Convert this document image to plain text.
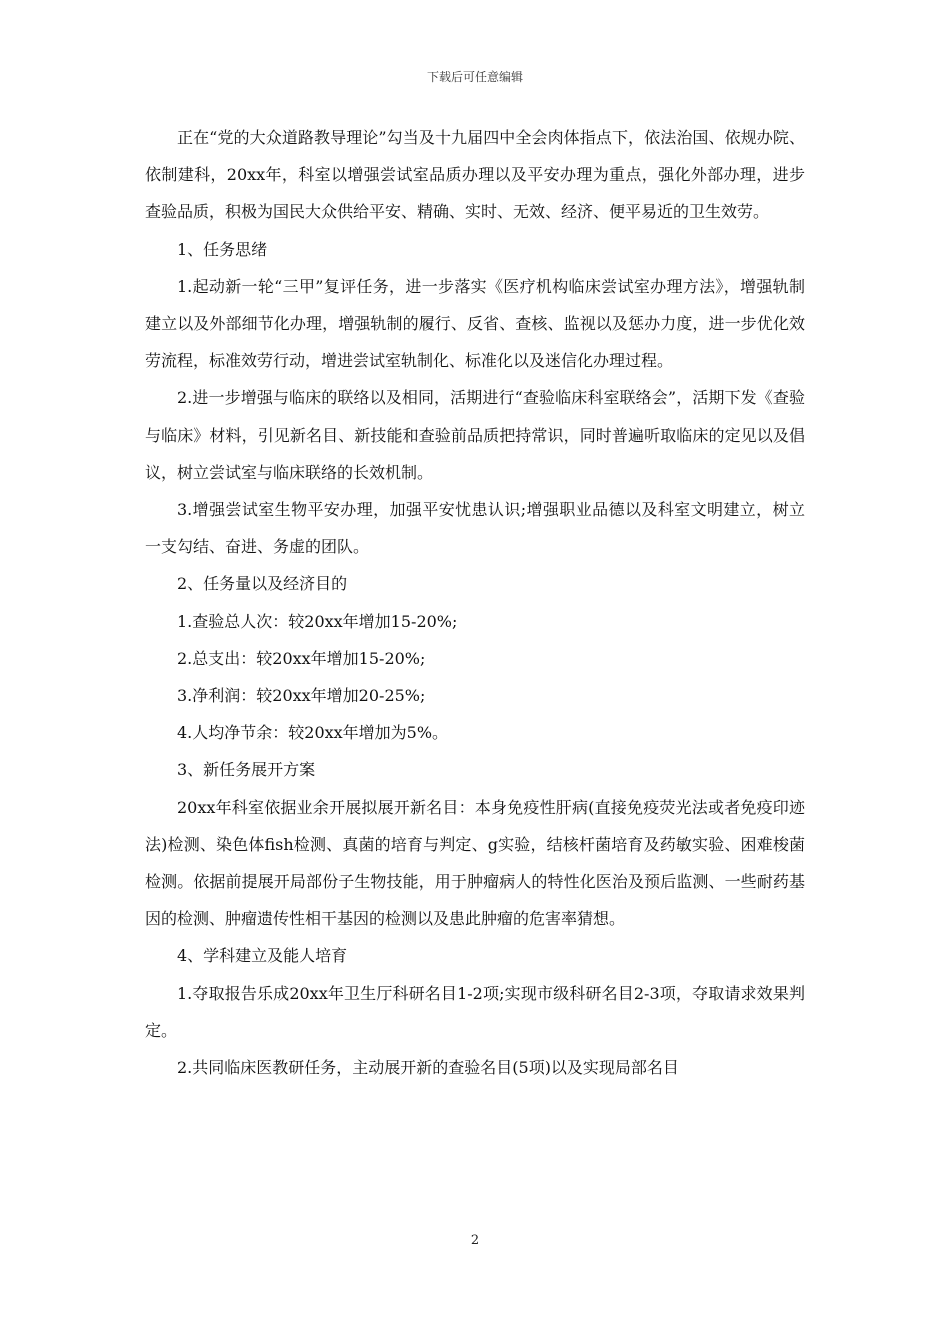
下载后可任意编辑

正在“党的大众道路教导理论”勾当及十九届四中全会肉体指点下，依法治国、依规办院、依制建科，20xx年，科室以增强尝试室品质办理以及平安办理为重点，强化外部办理，进步查验品质，积极为国民大众供给平安、精确、实时、无效、经济、便平易近的卫生效劳。

1、任务思绪

1.起动新一轮“三甲”复评任务，进一步落实《医疗机构临床尝试室办理方法》，增强轨制建立以及外部细节化办理，增强轨制的履行、反省、查核、监视以及惩办力度，进一步优化效劳流程，标准效劳行动，增进尝试室轨制化、标准化以及迷信化办理过程。

2.进一步增强与临床的联络以及相同，活期进行“查验临床科室联络会”，活期下发《查验与临床》材料，引见新名目、新技能和查验前品质把持常识，同时普遍听取临床的定见以及倡议，树立尝试室与临床联络的长效机制。

3.增强尝试室生物平安办理，加强平安忧患认识;增强职业品德以及科室文明建立，树立一支勾结、奋进、务虚的团队。

2、任务量以及经济目的

1.查验总人次：较20xx年增加15-20%;

2.总支出：较20xx年增加15-20%;

3.净利润：较20xx年增加20-25%;

4.人均净节余：较20xx年增加为5%。

3、新任务展开方案

20xx年科室依据业余开展拟展开新名目：本身免疫性肝病(直接免疫荧光法或者免疫印迹法)检测、染色体fish检测、真菌的培育与判定、g实验，结核杆菌培育及药敏实验、困难梭菌检测。依据前提展开局部份子生物技能，用于肿瘤病人的特性化医治及预后监测、一些耐药基因的检测、肿瘤遗传性相干基因的检测以及患此肿瘤的危害率猜想。

4、学科建立及能人培育

1.夺取报告乐成20xx年卫生厅科研名目1-2项;实现市级科研名目2-3项，夺取请求效果判定。

2.共同临床医教研任务，主动展开新的查验名目(5项)以及实现局部名目

2
